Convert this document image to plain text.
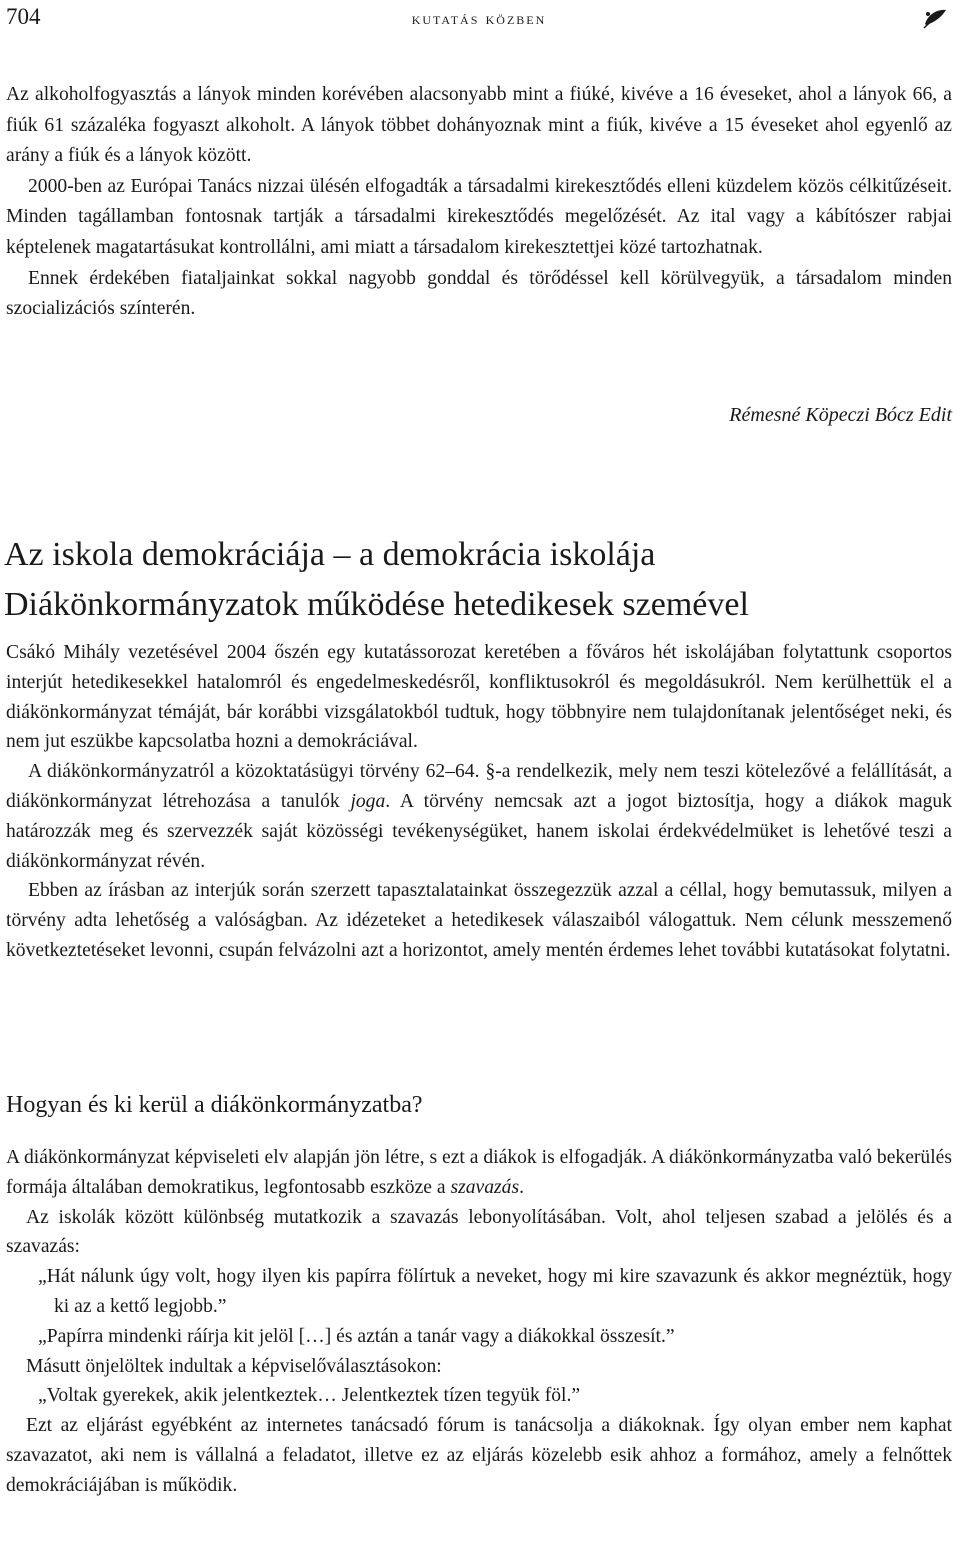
704	kutatás közben

Az alkoholfogyasztás a lányok minden korévében alacsonyabb mint a fiúké, kivéve a 16 éveseket, ahol a lányok 66, a fiúk 61 százaléka fogyaszt alkoholt. A lányok többet dohányoznak mint a fiúk, kivéve a 15 éveseket ahol egyenlő az arány a fiúk és a lányok között.

2000-ben az Európai Tanács nizzai ülésén elfogadták a társadalmi kirekesztődés elleni küzdelem közös célkitűzéseit. Minden tagállamban fontosnak tartják a társadalmi kirekesztődés megelőzését. Az ital vagy a kábítószer rabjai képtelenek magatartásukat kontrollálni, ami miatt a társadalom kirekesztettjei közé tartozhatnak.

Ennek érdekében fiataljainkat sokkal nagyobb gonddal és törődéssel kell körülvegyük, a társadalom minden szocializációs színterén.

Rémesné Köpeczi Bócz Edit
Az iskola demokráciája – a demokrácia iskolája
Diákönkormányzatok működése hetedikesek szemével

Csákó Mihály vezetésével 2004 őszén egy kutatássorozat keretében a főváros hét iskolájában folytattunk csoportos interjút hetedikesekkel hatalomról és engedelmeskedésről, konfliktusokról és megoldásukról. Nem kerülhettük el a diákönkormányzat témáját, bár korábbi vizsgálatokból tudtuk, hogy többnyire nem tulajdonítanak jelentőséget neki, és nem jut eszükbe kapcsolatba hozni a demokráciával.

A diákönkormányzatról a közoktatásügyi törvény 62–64. §-a rendelkezik, mely nem teszi kötelezővé a felállítását, a diákönkormányzat létrehozása a tanulók joga. A törvény nemcsak azt a jogot biztosítja, hogy a diákok maguk határozzák meg és szervezzék saját közösségi tevékenységüket, hanem iskolai érdekvédelmüket is lehetővé teszi a diákönkormányzat révén.

Ebben az írásban az interjúk során szerzett tapasztalatainkat összegezzük azzal a céllal, hogy bemutassuk, milyen a törvény adta lehetőség a valóságban. Az idézeteket a hetedikesek válaszaiból válogattuk. Nem célunk messzemenő következtetéseket levonni, csupán felvázolni azt a horizontot, amely mentén érdemes lehet további kutatásokat folytatni.

Hogyan és ki kerül a diákönkormányzatba?

A diákönkormányzat képviseleti elv alapján jön létre, s ezt a diákok is elfogadják. A diákönkormányzatba való bekerülés formája általában demokratikus, legfontosabb eszköze a szavazás.

Az iskolák között különbség mutatkozik a szavazás lebonyolításában. Volt, ahol teljesen szabad a jelölés és a szavazás:

„Hát nálunk úgy volt, hogy ilyen kis papírra fölírtuk a neveket, hogy mi kire szavazunk és akkor megnéztük, hogy ki az a kettő legjobb.”

„Papírra mindenki ráírja kit jelöl […] és aztán a tanár vagy a diákokkal összesít.”

Másutt önjelöltek indultak a képviselőválasztásokon:

„Voltak gyerekek, akik jelentkeztek… Jelentkeztek tízen tegyük föl.”

Ezt az eljárást egyébként az internetes tanácsadó fórum is tanácsolja a diákoknak. Így olyan ember nem kaphat szavazatot, aki nem is vállalná a feladatot, illetve ez az eljárás közelebb esik ahhoz a formához, amely a felnőttek demokráciájában is működik.
